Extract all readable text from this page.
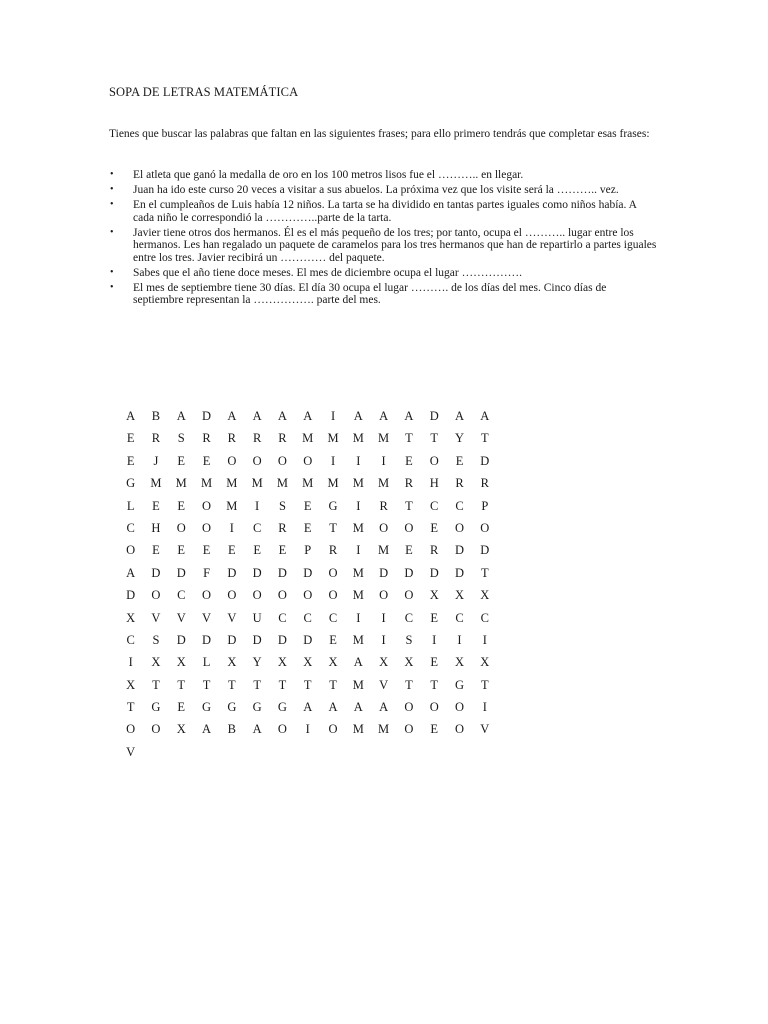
SOPA DE LETRAS MATEMÁTICA

Tienes que buscar las palabras que faltan en las siguientes frases; para ello primero tendrás que completar esas frases:

• El atleta que ganó la medalla de oro en los 100 metros lisos fue el ……….. en llegar.
• Juan ha ido este curso 20 veces a visitar a sus abuelos. La próxima vez que los visite será la ……….. vez.
• En el cumpleaños de Luis había 12 niños. La tarta se ha dividido en tantas partes iguales como niños había. A cada niño le correspondió la …………..parte de la tarta.
• Javier tiene otros dos hermanos. Él es el más pequeño de los tres; por tanto, ocupa el ……….. lugar entre los hermanos. Les han regalado un paquete de caramelos para los tres hermanos que han de repartirlo a partes iguales entre los tres. Javier recibirá un ………… del paquete.
• Sabes que el año tiene doce meses. El mes de diciembre ocupa el lugar …………….
• El mes de septiembre tiene 30 días. El día 30 ocupa el lugar ………. de los días del mes. Cinco días de septiembre representan la ……………. parte del mes.
A	B	A	D	A	A	A	A	I	A	A	A	D	A	A
E	R	S	R	R	R	R	M	M	M	M	T	T	Y	T
E	J	E	E	O	O	O	O	I	I	I	E	O	E	D
G	M	M	M	M	M	M	M	M	M	M	R	H	R	R
L	E	E	O	M	I	S	E	G	I	R	T	C	C	P
C	H	O	O	I	C	R	E	T	M	O	O	E	O	O
O	E	E	E	E	E	E	P	R	I	M	E	R	D	D
A	D	D	F	D	D	D	D	O	M	D	D	D	D	T
D	O	C	O	O	O	O	O	O	M	O	O	X	X	X
X	V	V	V	V	U	C	C	C	I	I	C	E	C	C
C	S	D	D	D	D	D	D	E	M	I	S	I	I	I
I	X	X	L	X	Y	X	X	X	A	X	X	E	X	X
X	T	T	T	T	T	T	T	T	M	V	T	T	G	T
T	G	E	G	G	G	G	A	A	A	A	O	O	O	I
O	O	X	A	B	A	O	I	O	M	M	O	E	O	V
V
